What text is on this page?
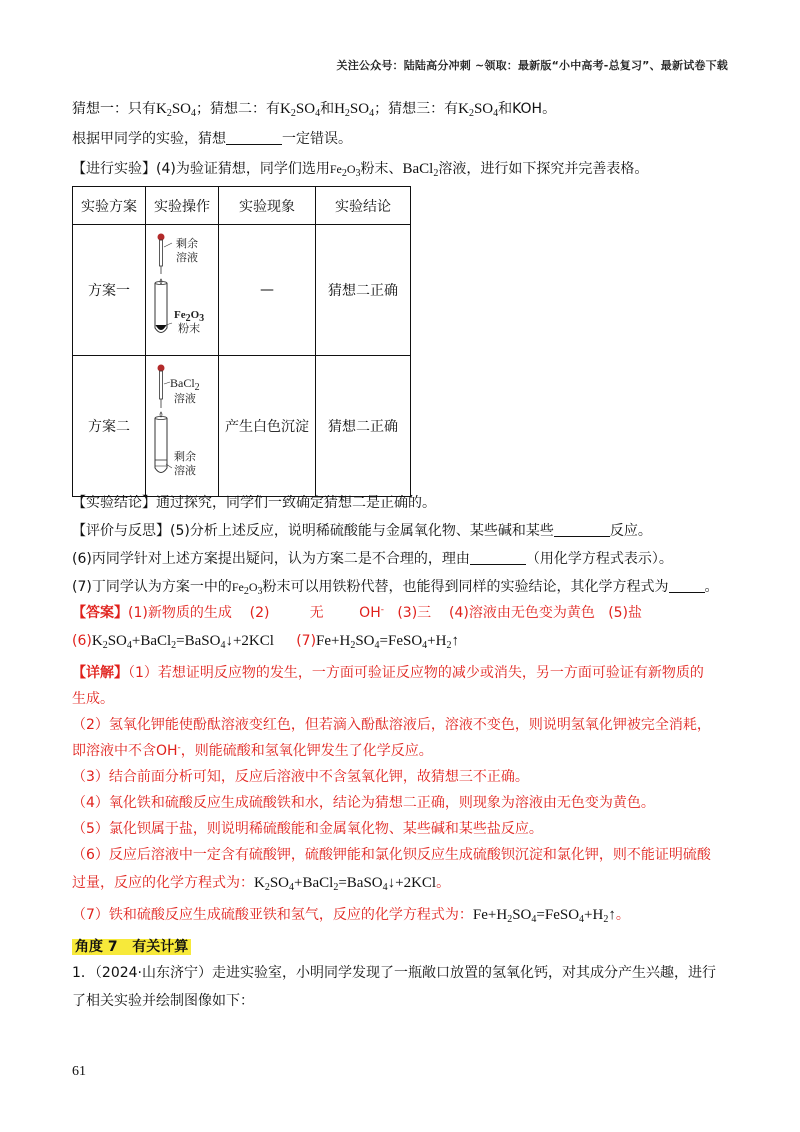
关注公众号：陆陆高分冲刺 ~领取：最新版“小中高考-总复习”、最新试卷下载
猜想一：只有$K_2SO_4$；猜想二：有$K_2SO_4$和$H_2SO_4$；猜想三：有$K_2SO_4$和KOH。
根据甲同学的实验，猜想	一定错误。
【进行实验】(4)为验证猜想，同学们选用$Fe_2O_3$粉末、BaCl$_2$溶液，进行如下探究并完善表格。
实验方案	实验操作	实验现象	实验结论
方案一	剩余
溶液
$Fe_2O_3$
粉末	—	猜想二正确
方案二	BaCl$_2$
溶液
剩余
溶液	产生白色沉淀	猜想二正确
【实验结论】通过探究，同学们一致确定猜想二是正确的。
【评价与反思】(5)分析上述反应，说明稀硫酸能与金属氧化物、某些碱和某些	反应。
(6)丙同学针对上述方案提出疑问，认为方案二是不合理的，理由	（用化学方程式表示）。
(7)丁同学认为方案一中的$Fe_2O_3$粉末可以用铁粉代替，也能得到同样的实验结论，其化学方程式为	。
【答案】(1)新物质的生成 (2)	无	OH- (3)三 (4)溶液由无色变为黄色 (5)盐
$(6)K_2SO_4+BaCl_2=BaSO_4↓+2KCl$ $(7)Fe+H_2SO_4=FeSO_4+H_2↑$
【详解】（1）若想证明反应物的发生，一方面可验证反应物的减少或消失，另一方面可验证有新物质的
生成。
（2）氢氧化钾能使酚酞溶液变红色，但若滴入酚酞溶液后，溶液不变色，则说明氢氧化钾被完全消耗，
即溶液中不含OH-，则能硫酸和氢氧化钾发生了化学反应。
（3）结合前面分析可知，反应后溶液中不含氢氧化钾，故猜想三不正确。
（4）氧化铁和硫酸反应生成硫酸铁和水，结论为猜想二正确，则现象为溶液由无色变为黄色。
（5）氯化钡属于盐，则说明稀硫酸能和金属氧化物、某些碱和某些盐反应。
（6）反应后溶液中一定含有硫酸钾，硫酸钾能和氯化钡反应生成硫酸钡沉淀和氯化钾，则不能证明硫酸
过量，反应的化学方程式为：$K_2SO_4+BaCl_2=BaSO_4↓+2KCl$。
（7）铁和硫酸反应生成硫酸亚铁和氢气，反应的化学方程式为：$Fe+H_2SO_4=FeSO_4+H_2↑$。
角度 7 有关计算
1．（2024·山东济宁）走进实验室，小明同学发现了一瓶敞口放置的氢氧化钙，对其成分产生兴趣，进行
了相关实验并绘制图像如下：
61
